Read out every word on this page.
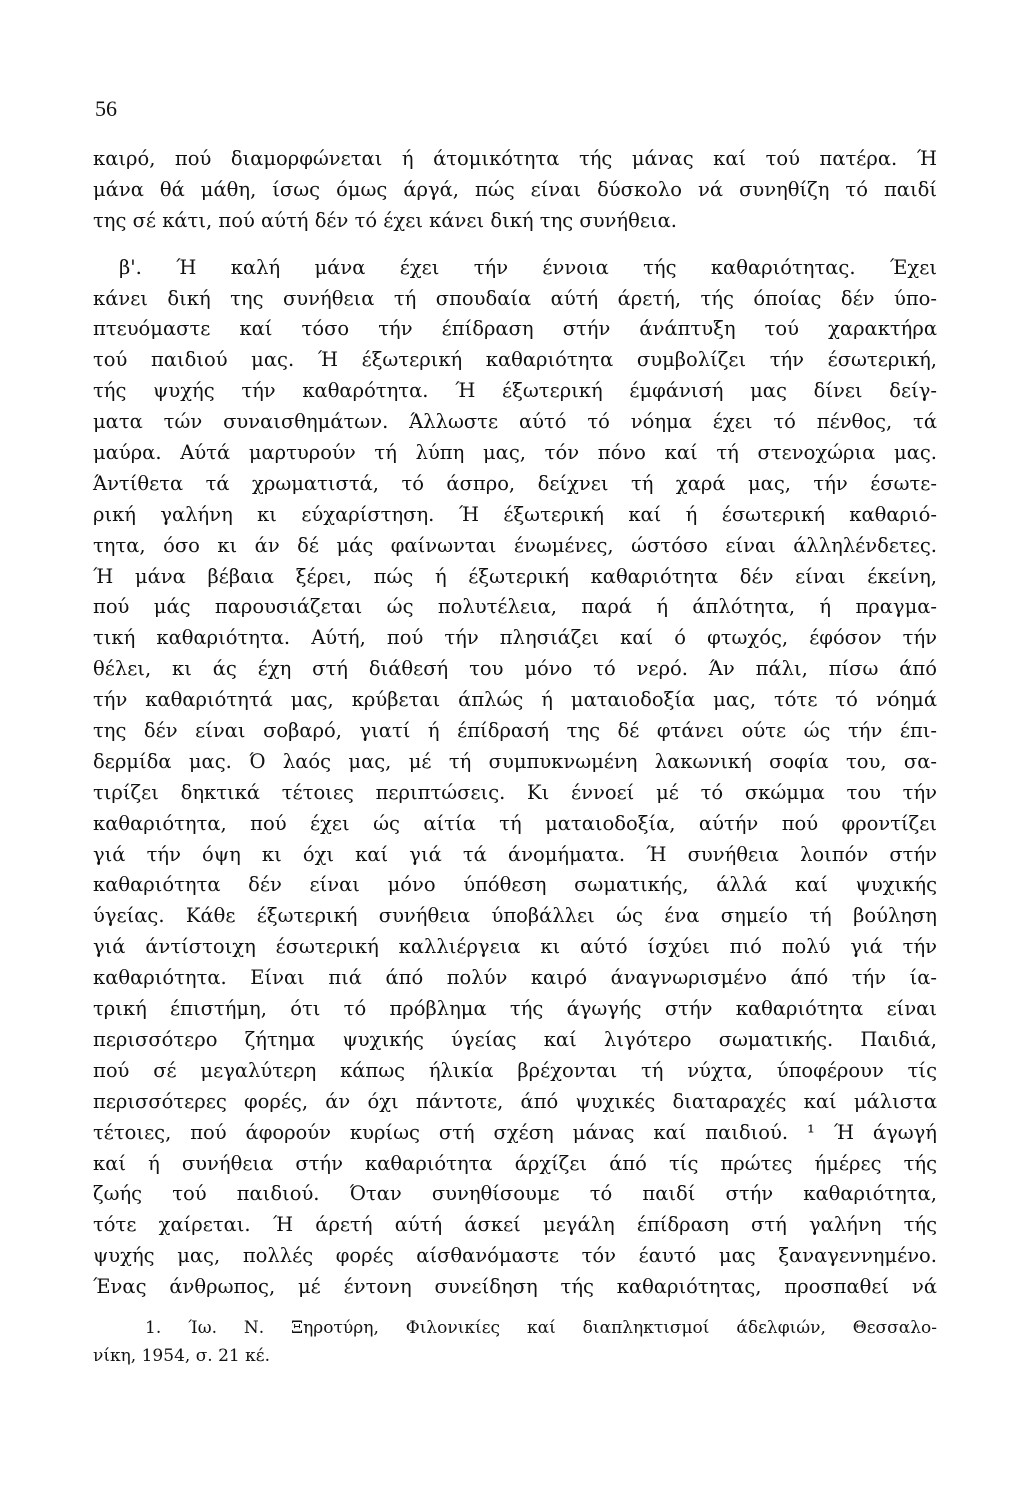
56
καιρό, πού διαμορφώνεται ή άτομικότητα τής μάνας καί τού πατέρα. Ή
μάνα θά μάθη, ίσως όμως άργά, πώς είναι δύσκολο νά συνηθίζη τό παιδί
της σέ κάτι, πού αύτή δέν τό έχει κάνει δική της συνήθεια.
β'. Ή καλή μάνα έχει τήν έννοια τής καθαριότητας. Έχει
κάνει δική της συνήθεια τή σπουδαία αύτή άρετή, τής όποίας δέν ύπο-
πτευόμαστε καί τόσο τήν έπίδραση στήν άνάπτυξη τού χαρακτήρα
τού παιδιού μας. Ή έξωτερική καθαριότητα συμβολίζει τήν έσωτερική,
τής ψυχής τήν καθαρότητα. Ή έξωτερική έμφάνισή μας δίνει δείγ-
ματα τών συναισθημάτων. Άλλωστε αύτό τό νόημα έχει τό πένθος, τά
μαύρα. Αύτά μαρτυρούν τή λύπη μας, τόν πόνο καί τή στενοχώρια μας.
Άντίθετα τά χρωματιστά, τό άσπρο, δείχνει τή χαρά μας, τήν έσωτε-
ρική γαλήνη κι εύχαρίστηση. Ή έξωτερική καί ή έσωτερική καθαριό-
τητα, όσο κι άν δέ μάς φαίνωνται ένωμένες, ώστόσο είναι άλληλένδετες.
Ή μάνα βέβαια ξέρει, πώς ή έξωτερική καθαριότητα δέν είναι έκείνη,
πού μάς παρουσιάζεται ώς πολυτέλεια, παρά ή άπλότητα, ή πραγμα-
τική καθαριότητα. Αύτή, πού τήν πλησιάζει καί ό φτωχός, έφόσον τήν
θέλει, κι άς έχη στή διάθεσή του μόνο τό νερό. Άν πάλι, πίσω άπό
τήν καθαριότητά μας, κρύβεται άπλώς ή ματαιοδοξία μας, τότε τό νόημά
της δέν είναι σοβαρό, γιατί ή έπίδρασή της δέ φτάνει ούτε ώς τήν έπι-
δερμίδα μας. Ό λαός μας, μέ τή συμπυκνωμένη λακωνική σοφία του, σα-
τιρίζει δηκτικά τέτοιες περιπτώσεις. Κι έννοεί μέ τό σκώμμα του τήν
καθαριότητα, πού έχει ώς αίτία τή ματαιοδοξία, αύτήν πού φροντίζει
γιά τήν όψη κι όχι καί γιά τά άνομήματα. Ή συνήθεια λοιπόν στήν
καθαριότητα δέν είναι μόνο ύπόθεση σωματικής, άλλά καί ψυχικής
ύγείας. Κάθε έξωτερική συνήθεια ύποβάλλει ώς ένα σημείο τή βούληση
γιά άντίστοιχη έσωτερική καλλιέργεια κι αύτό ίσχύει πιό πολύ γιά τήν
καθαριότητα. Είναι πιά άπό πολύν καιρό άναγνωρισμένο άπό τήν ία-
τρική έπιστήμη, ότι τό πρόβλημα τής άγωγής στήν καθαριότητα είναι
περισσότερο ζήτημα ψυχικής ύγείας καί λιγότερο σωματικής. Παιδιά,
πού σέ μεγαλύτερη κάπως ήλικία βρέχονται τή νύχτα, ύποφέρουν τίς
περισσότερες φορές, άν όχι πάντοτε, άπό ψυχικές διαταραχές καί μάλιστα
τέτοιες, πού άφορούν κυρίως στή σχέση μάνας καί παιδιού. ¹ Ή άγωγή
καί ή συνήθεια στήν καθαριότητα άρχίζει άπό τίς πρώτες ήμέρες τής
ζωής τού παιδιού. Όταν συνηθίσουμε τό παιδί στήν καθαριότητα,
τότε χαίρεται. Ή άρετή αύτή άσκεί μεγάλη έπίδραση στή γαλήνη τής
ψυχής μας, πολλές φορές αίσθανόμαστε τόν έαυτό μας ξαναγεννημένο.
Ένας άνθρωπος, μέ έντονη συνείδηση τής καθαριότητας, προσπαθεί νά
1. Ίω. Ν. Ξηροτύρη, Φιλονικίες καί διαπληκτισμοί άδελφιών, Θεσσαλο-
νίκη, 1954, σ. 21 κέ.
